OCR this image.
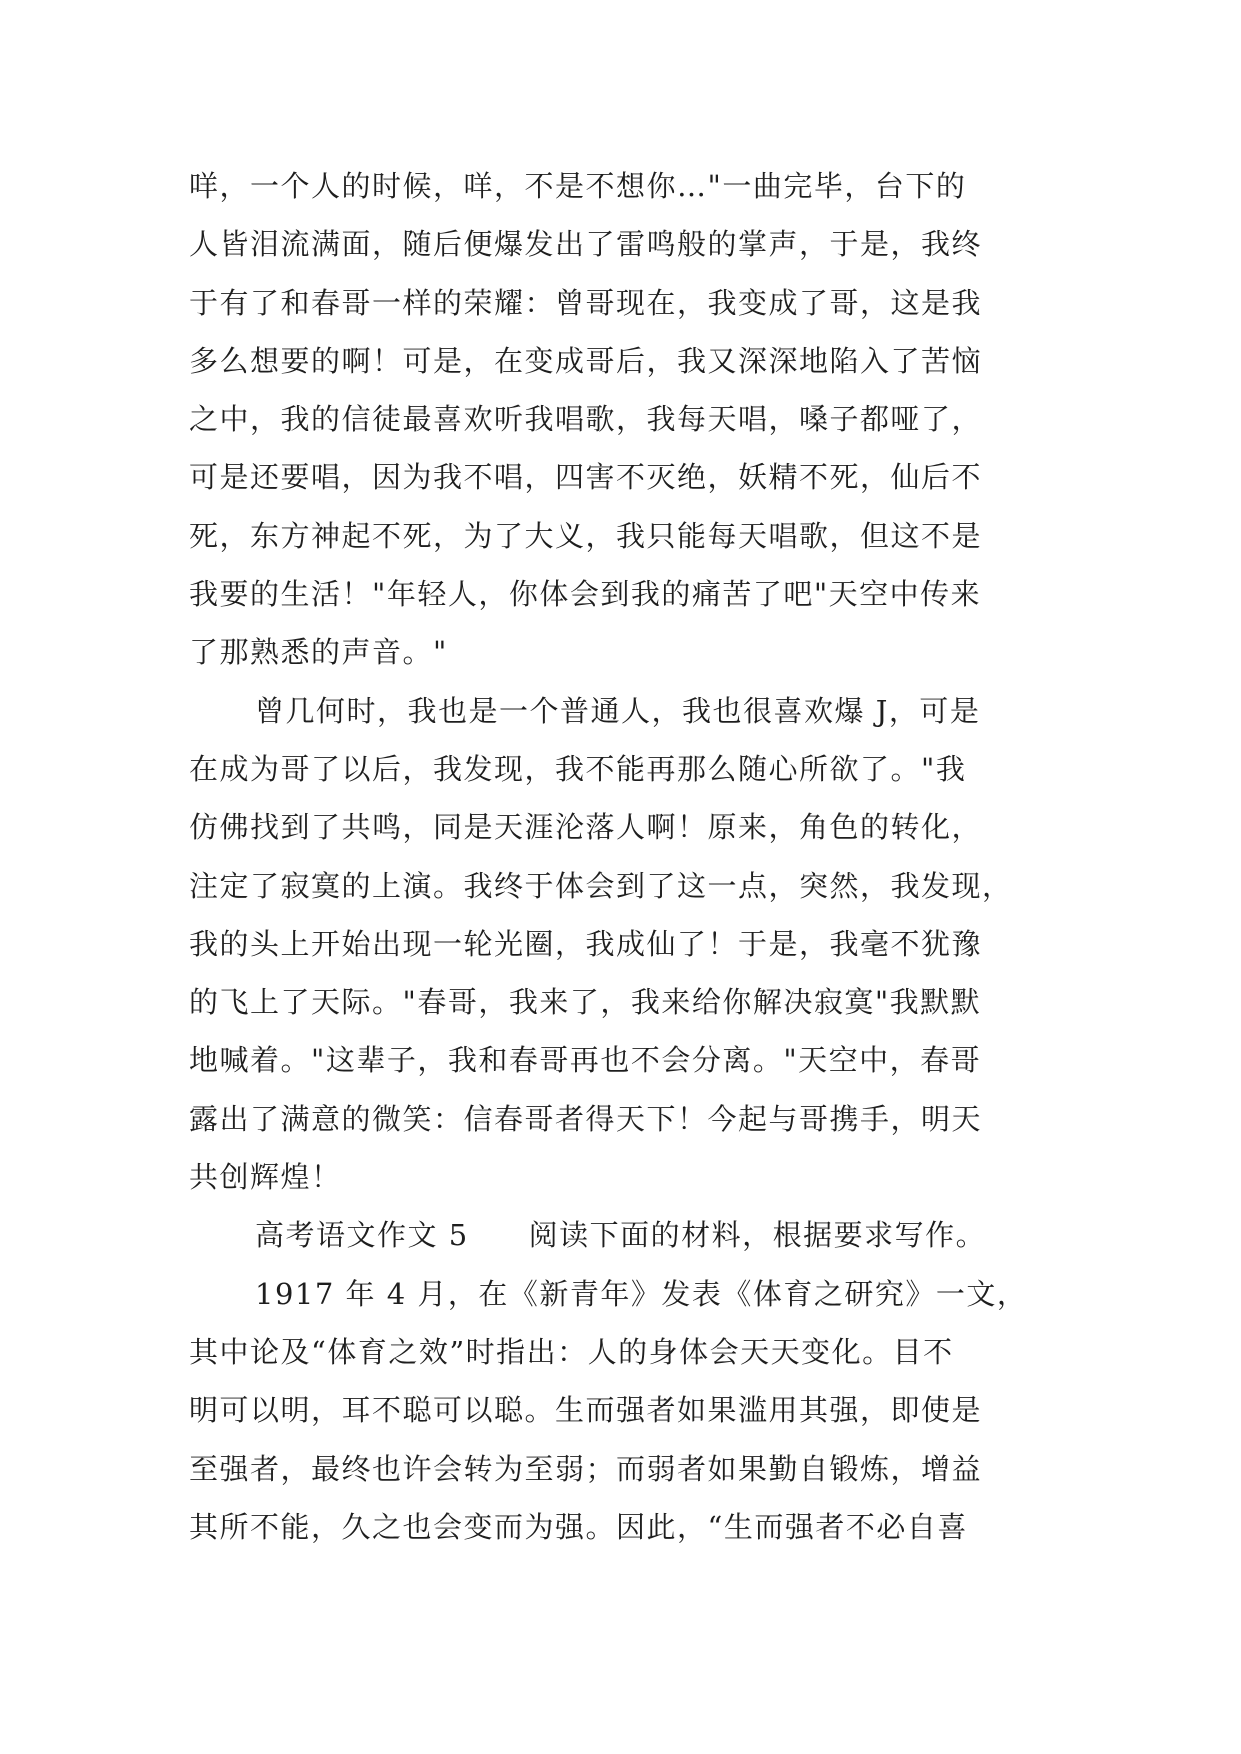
咩，一个人的时候，咩，不是不想你…"一曲完毕，台下的
人皆泪流满面，随后便爆发出了雷鸣般的掌声，于是，我终
于有了和春哥一样的荣耀：曾哥现在，我变成了哥，这是我
多么想要的啊！可是，在变成哥后，我又深深地陷入了苦恼
之中，我的信徒最喜欢听我唱歌，我每天唱，嗓子都哑了，
可是还要唱，因为我不唱，四害不灭绝，妖精不死，仙后不
死，东方神起不死，为了大义，我只能每天唱歌，但这不是
我要的生活！"年轻人，你体会到我的痛苦了吧"天空中传来
了那熟悉的声音。"
曾几何时，我也是一个普通人，我也很喜欢爆 J，可是
在成为哥了以后，我发现，我不能再那么随心所欲了。"我
仿佛找到了共鸣，同是天涯沦落人啊！原来，角色的转化，
注定了寂寞的上演。我终于体会到了这一点，突然，我发现，
我的头上开始出现一轮光圈，我成仙了！于是，我毫不犹豫
的飞上了天际。"春哥，我来了，我来给你解决寂寞"我默默
地喊着。"这辈子，我和春哥再也不会分离。"天空中，春哥
露出了满意的微笑：信春哥者得天下！今起与哥携手，明天
共创辉煌！
高考语文作文 5 阅读下面的材料，根据要求写作。
1917 年 4 月，在《新青年》发表《体育之研究》一文，
其中论及“体育之效”时指出：人的身体会天天变化。目不
明可以明，耳不聪可以聪。生而强者如果滥用其强，即使是
至强者，最终也许会转为至弱；而弱者如果勤自锻炼，增益
其所不能，久之也会变而为强。因此，“生而强者不必自喜
